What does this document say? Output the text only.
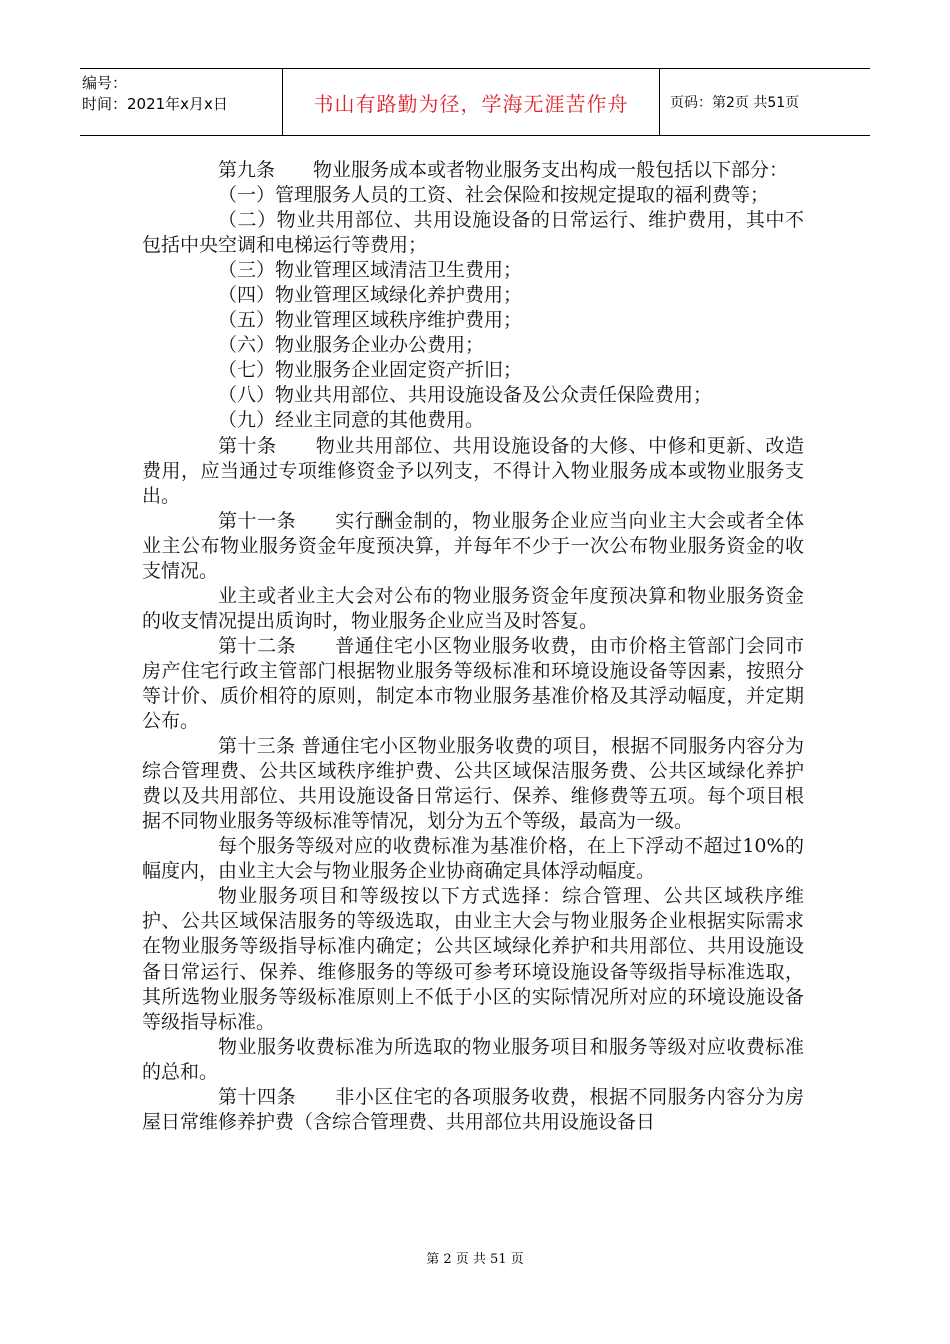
编号：
时间：2021年x月x日	书山有路勤为径，学海无涯苦作舟	页码：第2页 共51页

第九条　　物业服务成本或者物业服务支出构成一般包括以下部分：

（一）管理服务人员的工资、社会保险和按规定提取的福利费等；

（二）物业共用部位、共用设施设备的日常运行、维护费用，其中不包括中央空调和电梯运行等费用；

（三）物业管理区域清洁卫生费用；

（四）物业管理区域绿化养护费用；

（五）物业管理区域秩序维护费用；

（六）物业服务企业办公费用；

（七）物业服务企业固定资产折旧；

（八）物业共用部位、共用设施设备及公众责任保险费用；

（九）经业主同意的其他费用。

第十条　　物业共用部位、共用设施设备的大修、中修和更新、改造费用，应当通过专项维修资金予以列支，不得计入物业服务成本或物业服务支出。

第十一条　　实行酬金制的，物业服务企业应当向业主大会或者全体业主公布物业服务资金年度预决算，并每年不少于一次公布物业服务资金的收支情况。

业主或者业主大会对公布的物业服务资金年度预决算和物业服务资金的收支情况提出质询时，物业服务企业应当及时答复。

第十二条　　普通住宅小区物业服务收费，由市价格主管部门会同市房产住宅行政主管部门根据物业服务等级标准和环境设施设备等因素，按照分等计价、质价相符的原则，制定本市物业服务基准价格及其浮动幅度，并定期公布。

第十三条 普通住宅小区物业服务收费的项目，根据不同服务内容分为综合管理费、公共区域秩序维护费、公共区域保洁服务费、公共区域绿化养护费以及共用部位、共用设施设备日常运行、保养、维修费等五项。每个项目根据不同物业服务等级标准等情况，划分为五个等级，最高为一级。

每个服务等级对应的收费标准为基准价格，在上下浮动不超过10%的幅度内，由业主大会与物业服务企业协商确定具体浮动幅度。

物业服务项目和等级按以下方式选择：综合管理、公共区域秩序维护、公共区域保洁服务的等级选取，由业主大会与物业服务企业根据实际需求在物业服务等级指导标准内确定；公共区域绿化养护和共用部位、共用设施设备日常运行、保养、维修服务的等级可参考环境设施设备等级指导标准选取，其所选物业服务等级标准原则上不低于小区的实际情况所对应的环境设施设备等级指导标准。

物业服务收费标准为所选取的物业服务项目和服务等级对应收费标准的总和。

第十四条　　非小区住宅的各项服务收费，根据不同服务内容分为房屋日常维修养护费（含综合管理费、共用部位共用设施设备日

第 2 页 共 51 页
